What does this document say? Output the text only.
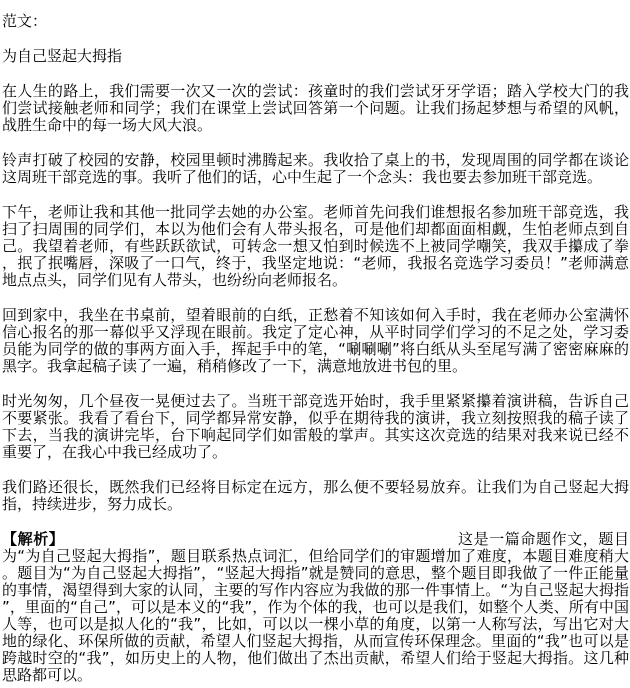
范文：

为自己竖起大拇指

在人生的路上，我们需要一次又一次的尝试：孩童时的我们尝试牙牙学语；踏入学校大门的我们尝试接触老师和同学；我们在课堂上尝试回答第一个问题。让我们扬起梦想与希望的风帆，战胜生命中的每一场大风大浪。

铃声打破了校园的安静，校园里顿时沸腾起来。我收拾了桌上的书，发现周围的同学都在谈论这周班干部竞选的事。我听了他们的话，心中生起了一个念头：我也要去参加班干部竞选。

下午，老师让我和其他一批同学去她的办公室。老师首先问我们谁想报名参加班干部竞选，我扫了扫周围的同学们，本以为他们会有人带头报名，可是他们却都面面相觑，生怕老师点到自己。我望着老师，有些跃跃欲试，可转念一想又怕到时候选不上被同学嘲笑，我双手攥成了拳，抿了抿嘴唇，深吸了一口气，终于，我坚定地说：“老师，我报名竞选学习委员！”老师满意地点点头，同学们见有人带头，也纷纷向老师报名。

回到家中，我坐在书桌前，望着眼前的白纸，正愁着不知该如何入手时，我在老师办公室满怀信心报名的那一幕似乎又浮现在眼前。我定了定心神，从平时同学们学习的不足之处，学习委员能为同学的做的事两方面入手，挥起手中的笔，“唰唰唰”将白纸从头至尾写满了密密麻麻的黑字。我拿起稿子读了一遍，稍稍修改了一下，满意地放进书包的里。

时光匆匆，几个昼夜一晃便过去了。当班干部竞选开始时，我手里紧紧攥着演讲稿，告诉自己不要紧张。我看了看台下，同学都异常安静，似乎在期待我的演讲，我立刻按照我的稿子读了下去，当我的演讲完毕，台下响起同学们如雷般的掌声。其实这次竞选的结果对我来说已经不重要了，在我心中我已经成功了。

我们路还很长，既然我们已经将目标定在远方，那么便不要轻易放弃。让我们为自己竖起大拇指，持续进步，努力成长。

【解析】	这是一篇命题作文，题目为“为自己竖起大拇指”，题目联系热点词汇，但给同学们的审题增加了难度，本题目难度稍大。题目为“为自己竖起大拇指”，“竖起大拇指”就是赞同的意思，整个题目即我做了一件正能量的事情，渴望得到大家的认同，主要的写作内容应为我做的那一件事情上。“为自己竖起大拇指”，里面的“自己”，可以是本义的“我”，作为个体的我，也可以是我们，如整个人类、所有中国人等，也可以是拟人化的“我”，比如，可以以一棵小草的角度，以第一人称写法，写出它对大地的绿化、环保所做的贡献，希望人们竖起大拇指，从而宣传环保理念。里面的“我”也可以是跨越时空的“我”，如历史上的人物，他们做出了杰出贡献，希望人们给于竖起大拇指。这几种思路都可以。
